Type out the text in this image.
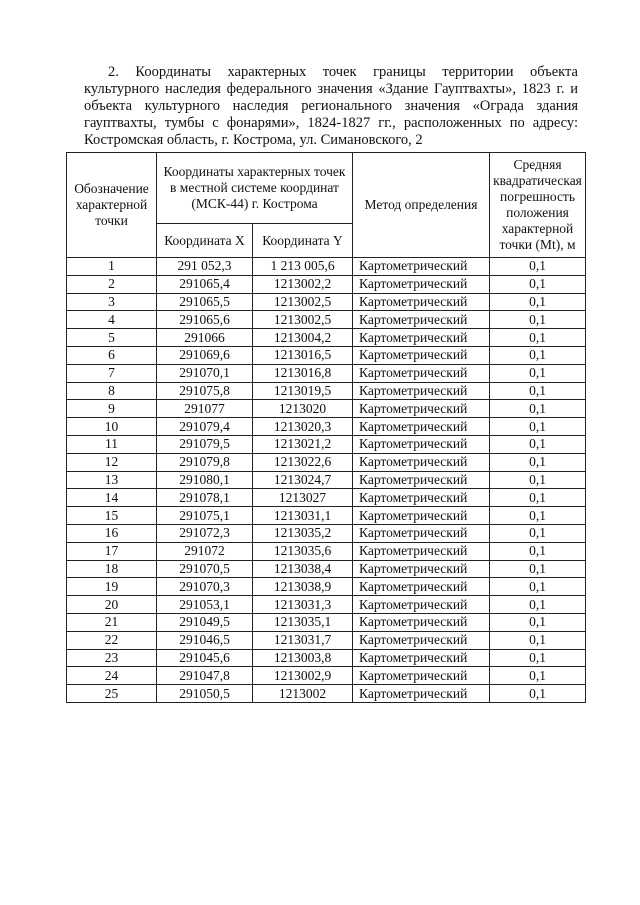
2. Координаты характерных точек границы территории объекта культурного наследия федерального значения «Здание Гауптвахты», 1823 г. и объекта культурного наследия регионального значения «Ограда здания гауптвахты, тумбы с фонарями», 1824-1827 гг., расположенных по адресу: Костромская область, г. Кострома, ул. Симановского, 2

Обозначение характерной точки	Координаты характерных точек в местной системе координат (МСК-44) г. Кострома		Метод определения	Средняя квадратическая погрешность положения характерной точки (Mt), м
	Координата X	Координата Y		
1	291 052,3	1 213 005,6	Картометрический	0,1
2	291065,4	1213002,2	Картометрический	0,1
3	291065,5	1213002,5	Картометрический	0,1
4	291065,6	1213002,5	Картометрический	0,1
5	291066	1213004,2	Картометрический	0,1
6	291069,6	1213016,5	Картометрический	0,1
7	291070,1	1213016,8	Картометрический	0,1
8	291075,8	1213019,5	Картометрический	0,1
9	291077	1213020	Картометрический	0,1
10	291079,4	1213020,3	Картометрический	0,1
11	291079,5	1213021,2	Картометрический	0,1
12	291079,8	1213022,6	Картометрический	0,1
13	291080,1	1213024,7	Картометрический	0,1
14	291078,1	1213027	Картометрический	0,1
15	291075,1	1213031,1	Картометрический	0,1
16	291072,3	1213035,2	Картометрический	0,1
17	291072	1213035,6	Картометрический	0,1
18	291070,5	1213038,4	Картометрический	0,1
19	291070,3	1213038,9	Картометрический	0,1
20	291053,1	1213031,3	Картометрический	0,1
21	291049,5	1213035,1	Картометрический	0,1
22	291046,5	1213031,7	Картометрический	0,1
23	291045,6	1213003,8	Картометрический	0,1
24	291047,8	1213002,9	Картометрический	0,1
25	291050,5	1213002	Картометрический	0,1
